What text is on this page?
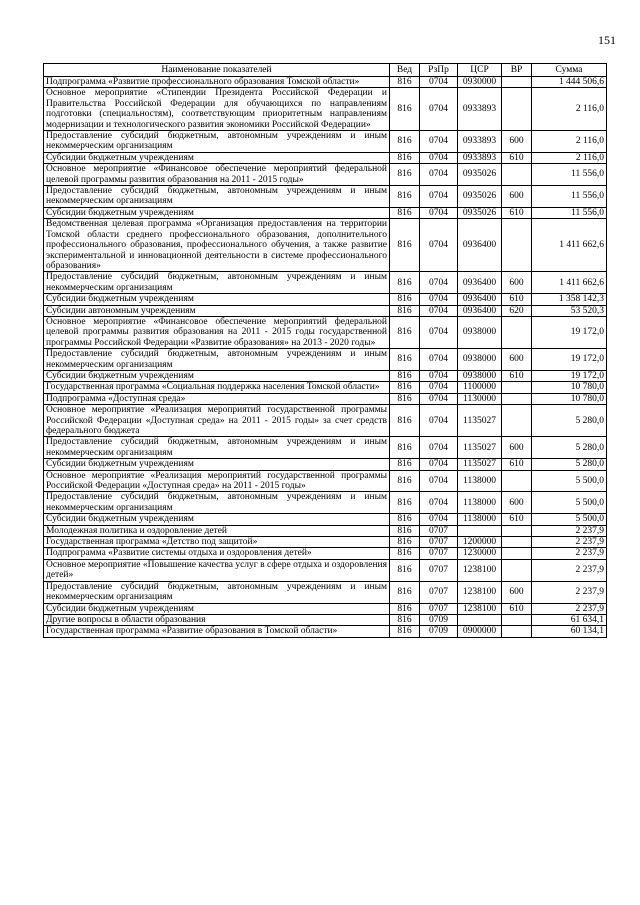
151
Наименование показателей	Вед	РзПр	ЦСР	ВР	Сумма
Подпрограмма «Развитие профессионального образования Томской области»	816	0704	0930000		1 444 506,6
Основное мероприятие «Стипендии Президента Российской Федерации и Правительства Российской Федерации для обучающихся по направлениям подготовки (специальностям), соответствующим приоритетным направлениям модернизации и технологического развития экономики Российской Федерации»	816	0704	0933893		2 116,0
Предоставление субсидий бюджетным, автономным учреждениям и иным некоммерческим организациям	816	0704	0933893	600	2 116,0
Субсидии бюджетным учреждениям	816	0704	0933893	610	2 116,0
Основное мероприятие «Финансовое обеспечение мероприятий федеральной целевой программы развития образования на 2011 - 2015 годы»	816	0704	0935026		11 556,0
Предоставление субсидий бюджетным, автономным учреждениям и иным некоммерческим организациям	816	0704	0935026	600	11 556,0
Субсидии бюджетным учреждениям	816	0704	0935026	610	11 556,0
Ведомственная целевая программа «Организация предоставления на территории Томской области среднего профессионального образования, дополнительного профессионального образования, профессионального обучения, а также развитие экспериментальной и инновационной деятельности в системе профессионального образования»	816	0704	0936400		1 411 662,6
Предоставление субсидий бюджетным, автономным учреждениям и иным некоммерческим организациям	816	0704	0936400	600	1 411 662,6
Субсидии бюджетным учреждениям	816	0704	0936400	610	1 358 142,3
Субсидии автономным учреждениям	816	0704	0936400	620	53 520,3
Основное мероприятие «Финансовое обеспечение мероприятий федеральной целевой программы развития образования на 2011 - 2015 годы государственной программы Российской Федерации «Развитие образования» на 2013 - 2020 годы»	816	0704	0938000		19 172,0
Предоставление субсидий бюджетным, автономным учреждениям и иным некоммерческим организациям	816	0704	0938000	600	19 172,0
Субсидии бюджетным учреждениям	816	0704	0938000	610	19 172,0
Государственная программа «Социальная поддержка населения Томской области»	816	0704	1100000		10 780,0
Подпрограмма «Доступная среда»	816	0704	1130000		10 780,0
Основное мероприятие «Реализация мероприятий государственной программы Российской Федерации «Доступная среда» на 2011 - 2015 годы» за счет средств федерального бюджета	816	0704	1135027		5 280,0
Предоставление субсидий бюджетным, автономным учреждениям и иным некоммерческим организациям	816	0704	1135027	600	5 280,0
Субсидии бюджетным учреждениям	816	0704	1135027	610	5 280,0
Основное мероприятие «Реализация мероприятий государственной программы Российской Федерации «Доступная среда» на 2011 - 2015 годы»	816	0704	1138000		5 500,0
Предоставление субсидий бюджетным, автономным учреждениям и иным некоммерческим организациям	816	0704	1138000	600	5 500,0
Субсидии бюджетным учреждениям	816	0704	1138000	610	5 500,0
Молодежная политика и оздоровление детей	816	0707			2 237,9
Государственная программа «Детство под защитой»	816	0707	1200000		2 237,9
Подпрограмма «Развитие системы отдыха и оздоровления детей»	816	0707	1230000		2 237,9
Основное мероприятие «Повышение качества услуг в сфере отдыха и оздоровления детей»	816	0707	1238100		2 237,9
Предоставление субсидий бюджетным, автономным учреждениям и иным некоммерческим организациям	816	0707	1238100	600	2 237,9
Субсидии бюджетным учреждениям	816	0707	1238100	610	2 237,9
Другие вопросы в области образования	816	0709			61 634,1
Государственная программа «Развитие образования в Томской области»	816	0709	0900000		60 134,1
